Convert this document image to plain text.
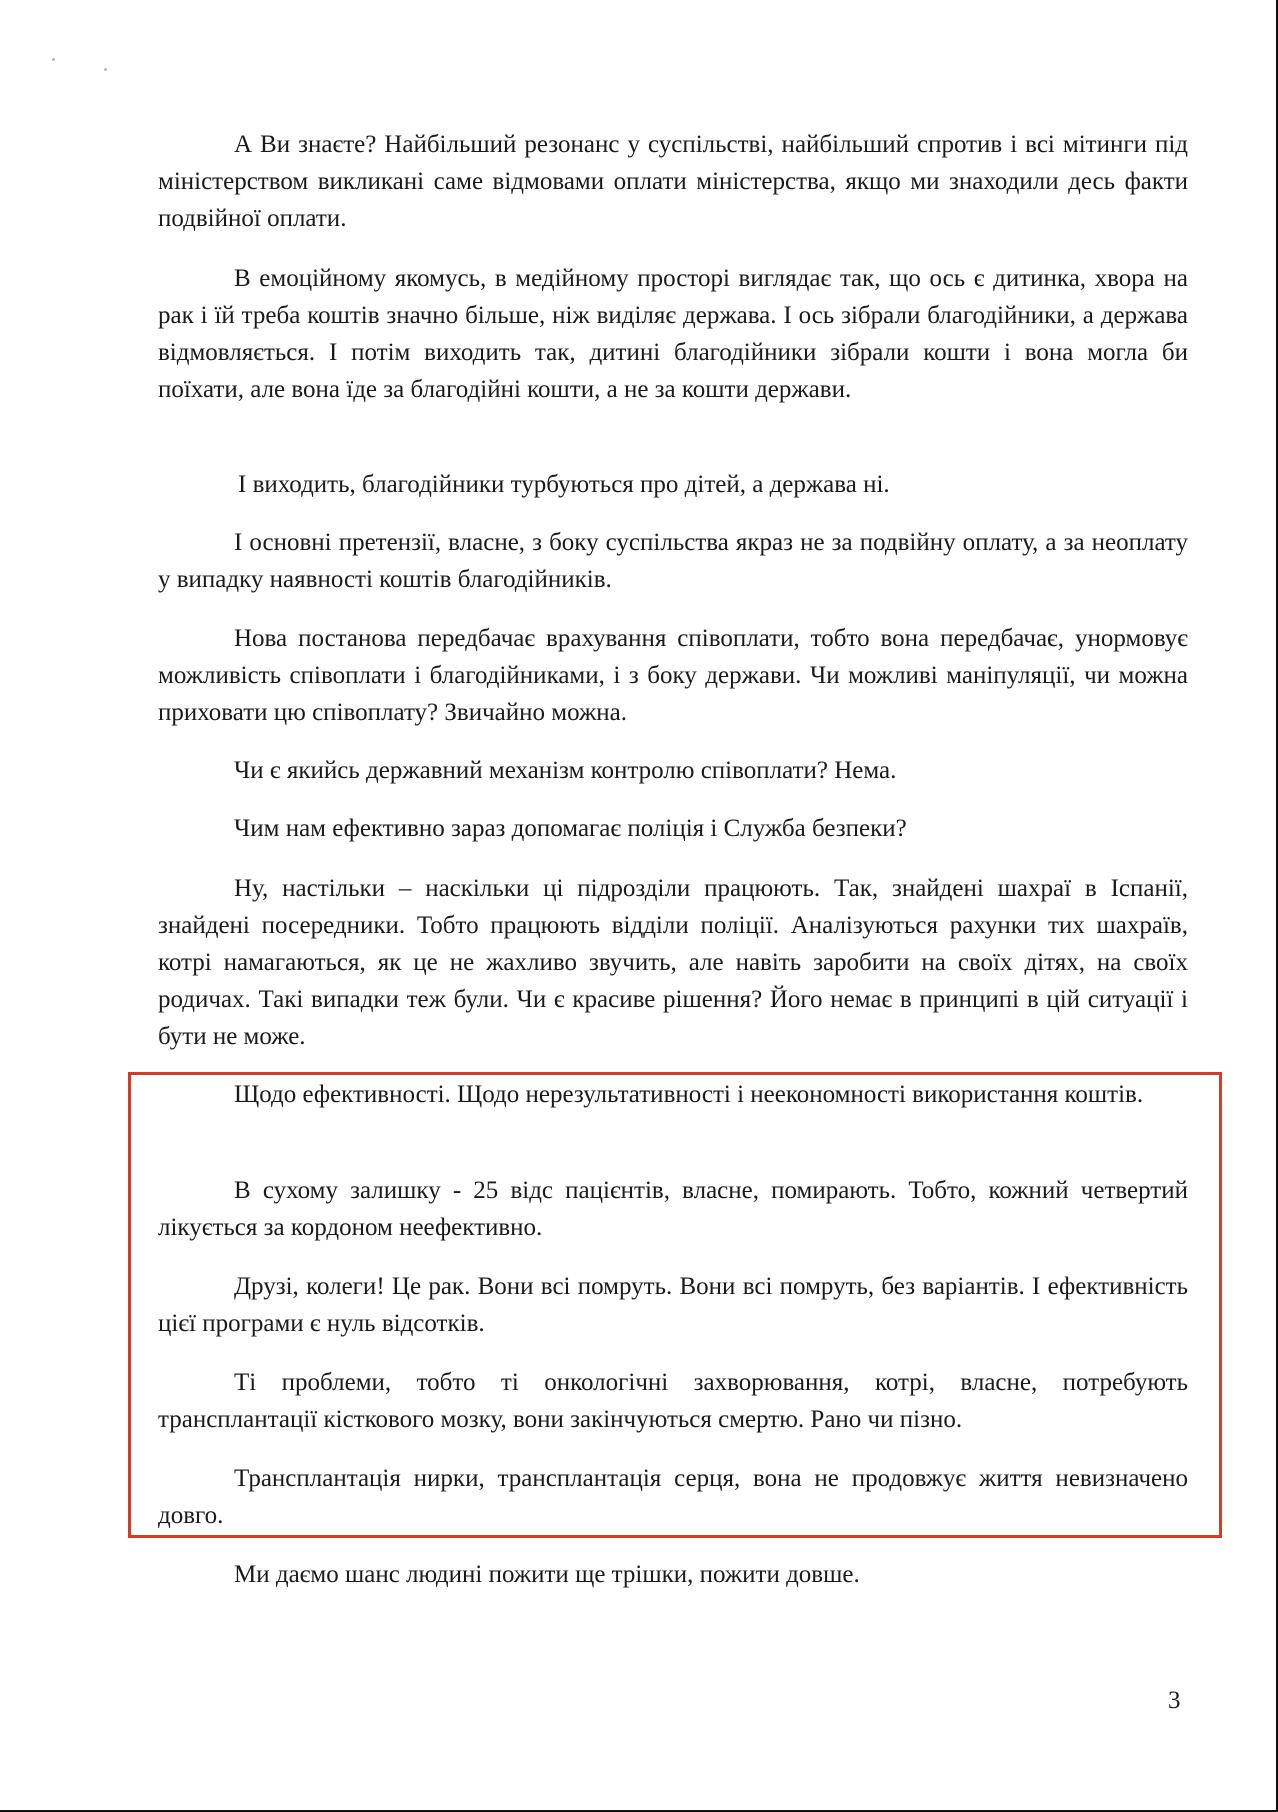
А Ви знаєте? Найбільший резонанс у суспільстві, найбільший спротив і всі мітинги під міністерством викликані саме відмовами оплати міністерства, якщо ми знаходили десь факти подвійної оплати.

В емоційному якомусь, в медійному просторі виглядає так, що ось є дитинка, хвора на рак і їй треба коштів значно більше, ніж виділяє держава. І ось зібрали благодійники, а держава відмовляється. І потім виходить так, дитині благодійники зібрали кошти і вона могла би поїхати, але вона їде за благодійні кошти, а не за кошти держави.

І виходить, благодійники турбуються про дітей, а держава ні.

І основні претензії, власне, з боку суспільства якраз не за подвійну оплату, а за неоплату у випадку наявності коштів благодійників.

Нова постанова передбачає врахування співоплати, тобто вона передбачає, унормовує можливість співоплати і благодійниками, і з боку держави. Чи можливі маніпуляції, чи можна приховати цю співоплату? Звичайно можна.

Чи є якийсь державний механізм контролю співоплати? Нема.

Чим нам ефективно зараз допомагає поліція і Служба безпеки?

Ну, настільки – наскільки ці підрозділи працюють. Так, знайдені шахраї в Іспанії, знайдені посередники. Тобто працюють відділи поліції. Аналізуються рахунки тих шахраїв, котрі намагаються, як це не жахливо звучить, але навіть заробити на своїх дітях, на своїх родичах. Такі випадки теж були. Чи є красиве рішення? Його немає в принципі в цій ситуації і бути не може.

Щодо ефективності. Щодо нерезультативності і неекономності використання коштів.

В сухому залишку - 25 відс пацієнтів, власне, помирають. Тобто, кожний четвертий лікується за кордоном неефективно.

Друзі, колеги! Це рак. Вони всі помруть. Вони всі помруть, без варіантів. І ефективність цієї програми є нуль відсотків.

Ті проблеми, тобто ті онкологічні захворювання, котрі, власне, потребують трансплантації кісткового мозку, вони закінчуються смертю. Рано чи пізно.

Трансплантація нирки, трансплантація серця, вона не продовжує життя невизначено довго.

Ми даємо шанс людині пожити ще трішки, пожити довше.

3
